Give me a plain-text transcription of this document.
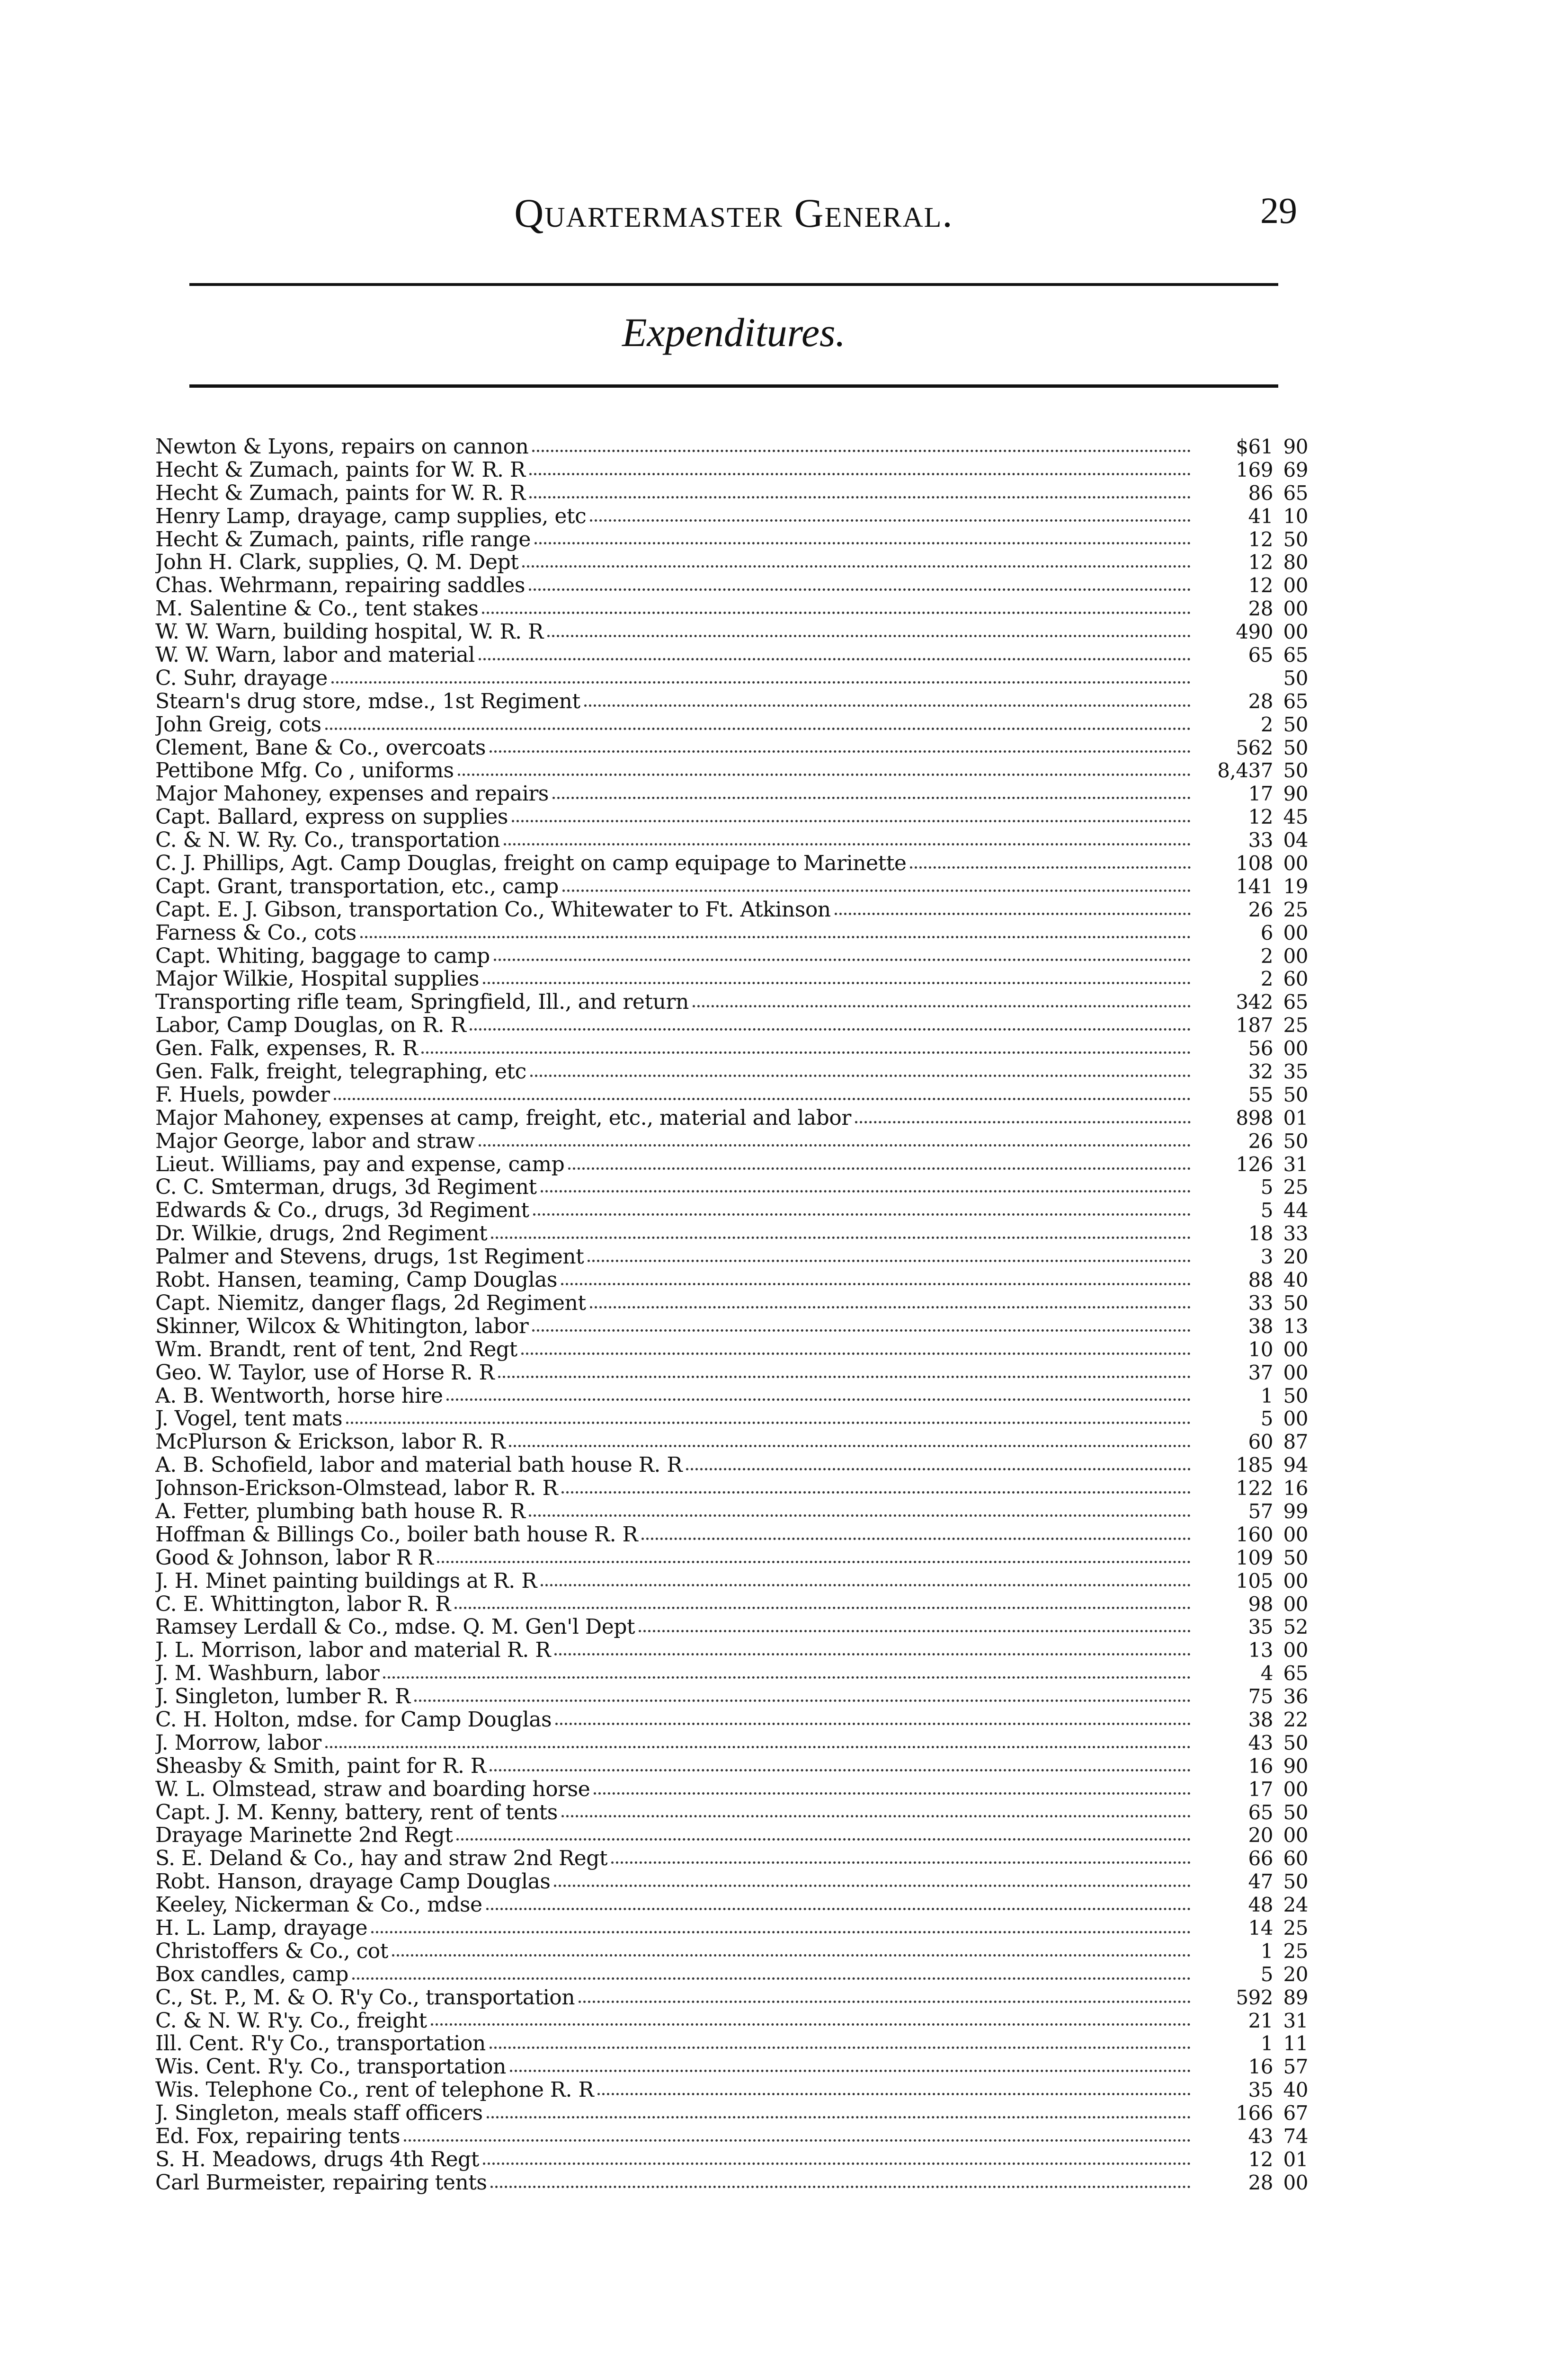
Quartermaster General.	29
Expenditures.
Newton & Lyons, repairs on cannon	$61 90
Hecht & Zumach, paints for W. R. R	169 69
Hecht & Zumach, paints for W. R. R	86 65
Henry Lamp, drayage, camp supplies, etc	41 10
Hecht & Zumach, paints, rifle range	12 50
John H. Clark, supplies, Q. M. Dept	12 80
Chas. Wehrmann, repairing saddles	12 00
M. Salentine & Co., tent stakes	28 00
W. W. Warn, building hospital, W. R. R	490 00
W. W. Warn, labor and material	65 65
C. Suhr, drayage	50
Stearn's drug store, mdse., 1st Regiment	28 65
John Greig, cots	2 50
Clement, Bane & Co., overcoats	562 50
Pettibone Mfg. Co , uniforms	8,437 50
Major Mahoney, expenses and repairs	17 90
Capt. Ballard, express on supplies	12 45
C. & N. W. Ry. Co., transportation	33 04
C. J. Phillips, Agt. Camp Douglas, freight on camp equipage to Marinette	108 00
Capt. Grant, transportation, etc., camp	141 19
Capt. E. J. Gibson, transportation Co., Whitewater to Ft. Atkinson	26 25
Farness & Co., cots	6 00
Capt. Whiting, baggage to camp	2 00
Major Wilkie, Hospital supplies	2 60
Transporting rifle team, Springfield, Ill., and return	342 65
Labor, Camp Douglas, on R. R	187 25
Gen. Falk, expenses, R. R	56 00
Gen. Falk, freight, telegraphing, etc	32 35
F. Huels, powder	55 50
Major Mahoney, expenses at camp, freight, etc., material and labor	898 01
Major George, labor and straw	26 50
Lieut. Williams, pay and expense, camp	126 31
C. C. Smterman, drugs, 3d Regiment	5 25
Edwards & Co., drugs, 3d Regiment	5 44
Dr. Wilkie, drugs, 2nd Regiment	18 33
Palmer and Stevens, drugs, 1st Regiment	3 20
Robt. Hansen, teaming, Camp Douglas	88 40
Capt. Niemitz, danger flags, 2d Regiment	33 50
Skinner, Wilcox & Whitington, labor	38 13
Wm. Brandt, rent of tent, 2nd Regt	10 00
Geo. W. Taylor, use of Horse R. R	37 00
A. B. Wentworth, horse hire	1 50
J. Vogel, tent mats	5 00
McPlurson & Erickson, labor R. R	60 87
A. B. Schofield, labor and material bath house R. R	185 94
Johnson-Erickson-Olmstead, labor R. R	122 16
A. Fetter, plumbing bath house R. R	57 99
Hoffman & Billings Co., boiler bath house R. R	160 00
Good & Johnson, labor R R	109 50
J. H. Minet painting buildings at R. R	105 00
C. E. Whittington, labor R. R	98 00
Ramsey Lerdall & Co., mdse. Q. M. Gen'l Dept	35 52
J. L. Morrison, labor and material R. R	13 00
J. M. Washburn, labor	4 65
J. Singleton, lumber R. R	75 36
C. H. Holton, mdse. for Camp Douglas	38 22
J. Morrow, labor	43 50
Sheasby & Smith, paint for R. R	16 90
W. L. Olmstead, straw and boarding horse	17 00
Capt. J. M. Kenny, battery, rent of tents	65 50
Drayage Marinette 2nd Regt	20 00
S. E. Deland & Co., hay and straw 2nd Regt	66 60
Robt. Hanson, drayage Camp Douglas	47 50
Keeley, Nickerman & Co., mdse	48 24
H. L. Lamp, drayage	14 25
Christoffers & Co., cot	1 25
Box candles, camp	5 20
C., St. P., M. & O. R'y Co., transportation	592 89
C. & N. W. R'y. Co., freight	21 31
Ill. Cent. R'y Co., transportation	1 11
Wis. Cent. R'y. Co., transportation	16 57
Wis. Telephone Co., rent of telephone R. R	35 40
J. Singleton, meals staff officers	166 67
Ed. Fox, repairing tents	43 74
S. H. Meadows, drugs 4th Regt	12 01
Carl Burmeister, repairing tents	28 00
